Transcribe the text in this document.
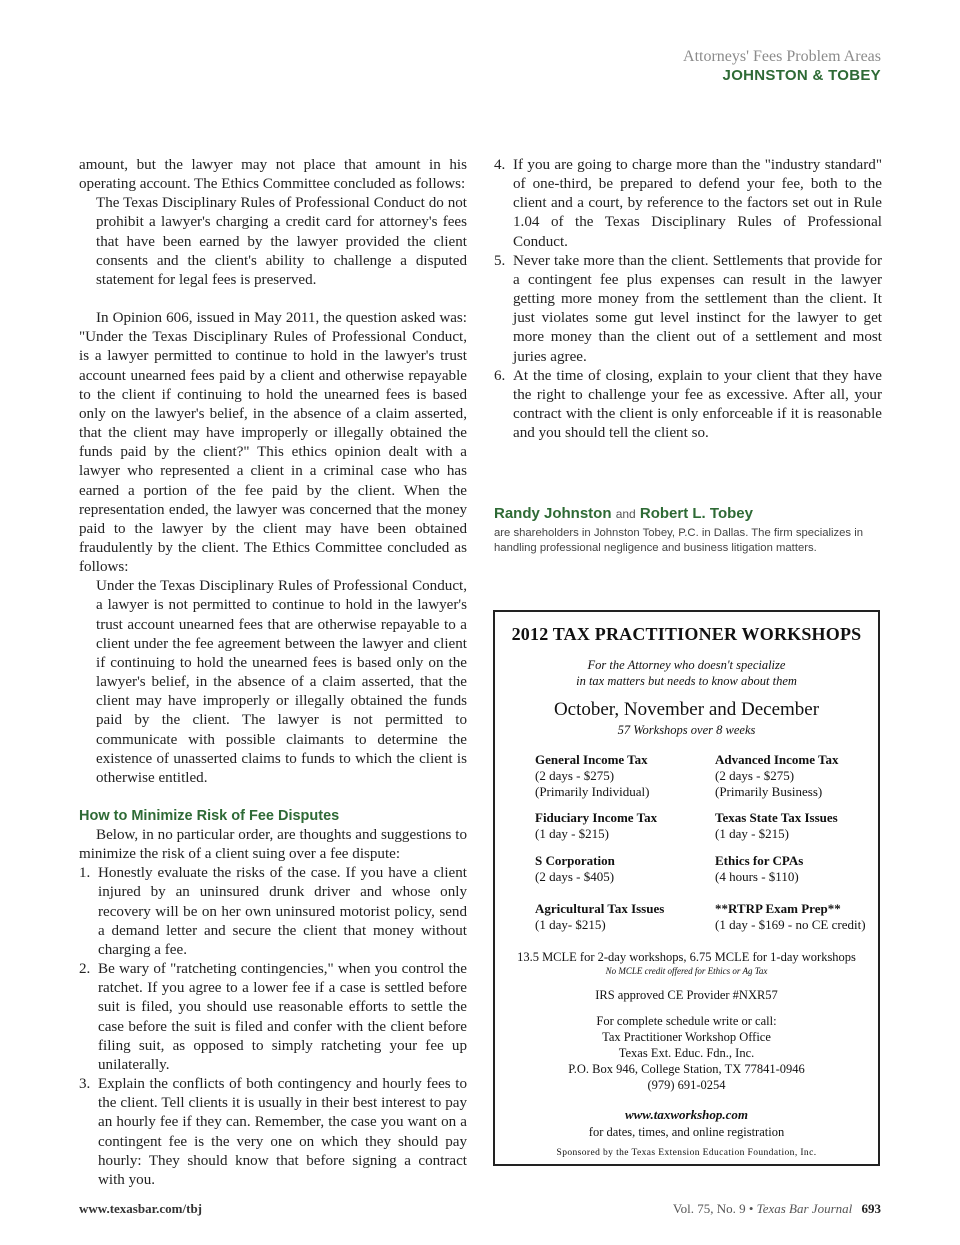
Attorneys' Fees Problem Areas
JOHNSTON & TOBEY

amount, but the lawyer may not place that amount in his operating account. The Ethics Committee concluded as follows:

The Texas Disciplinary Rules of Professional Conduct do not prohibit a lawyer's charging a credit card for attorney's fees that have been earned by the lawyer provided the client consents and the client's ability to challenge a disputed statement for legal fees is preserved.

In Opinion 606, issued in May 2011, the question asked was: "Under the Texas Disciplinary Rules of Professional Conduct, is a lawyer permitted to continue to hold in the lawyer's trust account unearned fees paid by a client and otherwise repayable to the client if continuing to hold the unearned fees is based only on the lawyer's belief, in the absence of a claim asserted, that the client may have improperly or illegally obtained the funds paid by the client?" This ethics opinion dealt with a lawyer who represented a client in a criminal case who has earned a portion of the fee paid by the client. When the representation ended, the lawyer was concerned that the money paid to the lawyer by the client may have been obtained fraudulently by the client. The Ethics Committee concluded as follows:

Under the Texas Disciplinary Rules of Professional Conduct, a lawyer is not permitted to continue to hold in the lawyer's trust account unearned fees that are otherwise repayable to a client under the fee agreement between the lawyer and client if continuing to hold the unearned fees is based only on the lawyer's belief, in the absence of a claim asserted, that the client may have improperly or illegally obtained the funds paid by the client. The lawyer is not permitted to communicate with possible claimants to determine the existence of unasserted claims to funds to which the client is otherwise entitled.

How to Minimize Risk of Fee Disputes

Below, in no particular order, are thoughts and suggestions to minimize the risk of a client suing over a fee dispute:

1. Honestly evaluate the risks of the case. If you have a client injured by an uninsured drunk driver and whose only recovery will be on her own uninsured motorist policy, send a demand letter and secure the client that money without charging a fee.
2. Be wary of "ratcheting contingencies," when you control the ratchet. If you agree to a lower fee if a case is settled before suit is filed, you should use reasonable efforts to settle the case before the suit is filed and confer with the client before filing suit, as opposed to simply ratcheting your fee up unilaterally.
3. Explain the conflicts of both contingency and hourly fees to the client. Tell clients it is usually in their best interest to pay an hourly fee if they can. Remember, the case you want on a contingent fee is the very one on which they should pay hourly: They should know that before signing a contract with you.
4. If you are going to charge more than the "industry standard" of one-third, be prepared to defend your fee, both to the client and a court, by reference to the factors set out in Rule 1.04 of the Texas Disciplinary Rules of Professional Conduct.
5. Never take more than the client. Settlements that provide for a contingent fee plus expenses can result in the lawyer getting more money from the settlement than the client. It just violates some gut level instinct for the lawyer to get more money than the client out of a settlement and most juries agree.
6. At the time of closing, explain to your client that they have the right to challenge your fee as excessive. After all, your contract with the client is only enforceable if it is reasonable and you should tell the client so.
Randy Johnston and Robert L. Tobey
are shareholders in Johnston Tobey, P.C. in Dallas. The firm specializes in handling professional negligence and business litigation matters.
2012 TAX PRACTITIONER WORKSHOPS
For the Attorney who doesn't specialize
in tax matters but needs to know about them
October, November and December
57 Workshops over 8 weeks
General Income Tax
(2 days - $275)
(Primarily Individual)
Advanced Income Tax
(2 days - $275)
(Primarily Business)
Fiduciary Income Tax
(1 day - $215)
Texas State Tax Issues
(1 day - $215)
S Corporation
(2 days - $405)
Ethics for CPAs
(4 hours - $110)
Agricultural Tax Issues
(1 day- $215)
**RTRP Exam Prep**
(1 day - $169 - no CE credit)
13.5 MCLE for 2-day workshops, 6.75 MCLE for 1-day workshops
No MCLE credit offered for Ethics or Ag Tax
IRS approved CE Provider #NXR57
For complete schedule write or call:
Tax Practitioner Workshop Office
Texas Ext. Educ. Fdn., Inc.
P.O. Box 946, College Station, TX 77841-0946
(979) 691-0254
www.taxworkshop.com
for dates, times, and online registration
Sponsored by the Texas Extension Education Foundation, Inc.
www.texasbar.com/tbj	Vol. 75, No. 9 • Texas Bar Journal 693
